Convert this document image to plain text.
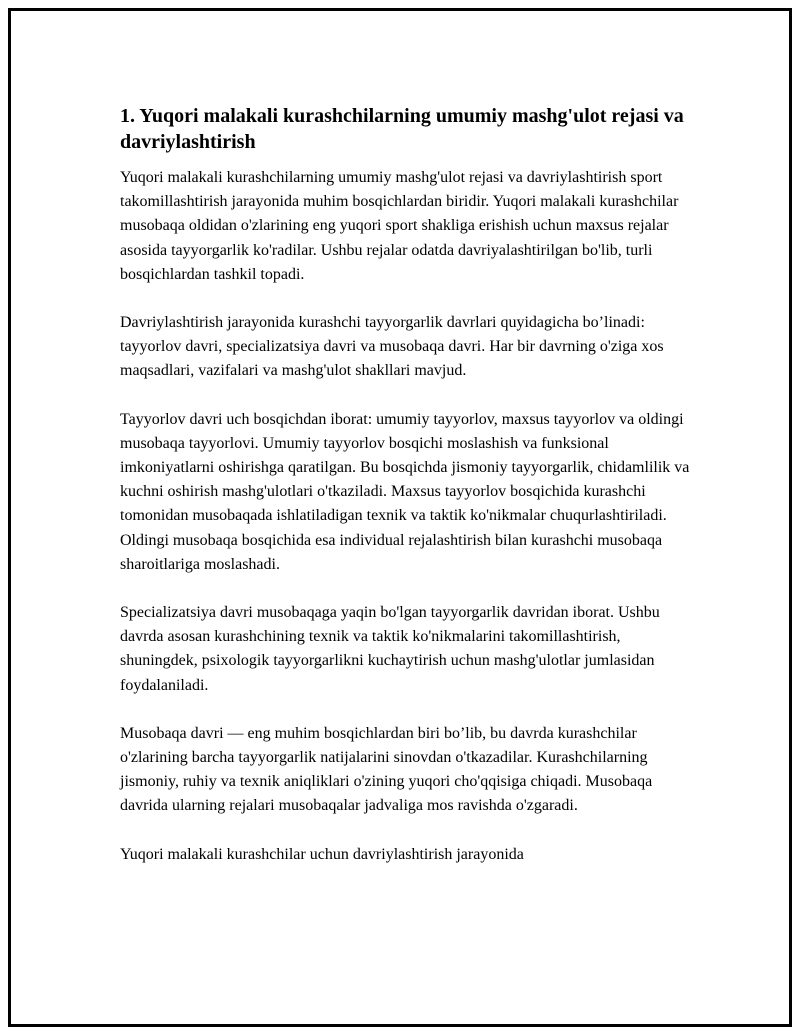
1. Yuqori malakali kurashchilarning umumiy mashg'ulot rejasi va davriylashtirish

Yuqori malakali kurashchilarning umumiy mashg'ulot rejasi va davriylashtirish sport takomillashtirish jarayonida muhim bosqichlardan biridir. Yuqori malakali kurashchilar musobaqa oldidan o'zlarining eng yuqori sport shakliga erishish uchun maxsus rejalar asosida tayyorgarlik ko'radilar. Ushbu rejalar odatda davriyalashtirilgan bo'lib, turli bosqichlardan tashkil topadi.

Davriylashtirish jarayonida kurashchi tayyorgarlik davrlari quyidagicha bo’linadi: tayyorlov davri, specializatsiya davri va musobaqa davri. Har bir davrning o'ziga xos maqsadlari, vazifalari va mashg'ulot shakllari mavjud.

Tayyorlov davri uch bosqichdan iborat: umumiy tayyorlov, maxsus tayyorlov va oldingi musobaqa tayyorlovi. Umumiy tayyorlov bosqichi moslashish va funksional imkoniyatlarni oshirishga qaratilgan. Bu bosqichda jismoniy tayyorgarlik, chidamlilik va kuchni oshirish mashg'ulotlari o'tkaziladi. Maxsus tayyorlov bosqichida kurashchi tomonidan musobaqada ishlatiladigan texnik va taktik ko'nikmalar chuqurlashtiriladi. Oldingi musobaqa bosqichida esa individual rejalashtirish bilan kurashchi musobaqa sharoitlariga moslashadi.

Specializatsiya davri musobaqaga yaqin bo'lgan tayyorgarlik davridan iborat. Ushbu davrda asosan kurashchining texnik va taktik ko'nikmalarini takomillashtirish, shuningdek, psixologik tayyorgarlikni kuchaytirish uchun mashg'ulotlar jumlasidan foydalaniladi.

Musobaqa davri — eng muhim bosqichlardan biri bo’lib, bu davrda kurashchilar o'zlarining barcha tayyorgarlik natijalarini sinovdan o'tkazadilar. Kurashchilarning jismoniy, ruhiy va texnik aniqliklari o'zining yuqori cho'qqisiga chiqadi. Musobaqa davrida ularning rejalari musobaqalar jadvaliga mos ravishda o'zgaradi.

Yuqori malakali kurashchilar uchun davriylashtirish jarayonida
